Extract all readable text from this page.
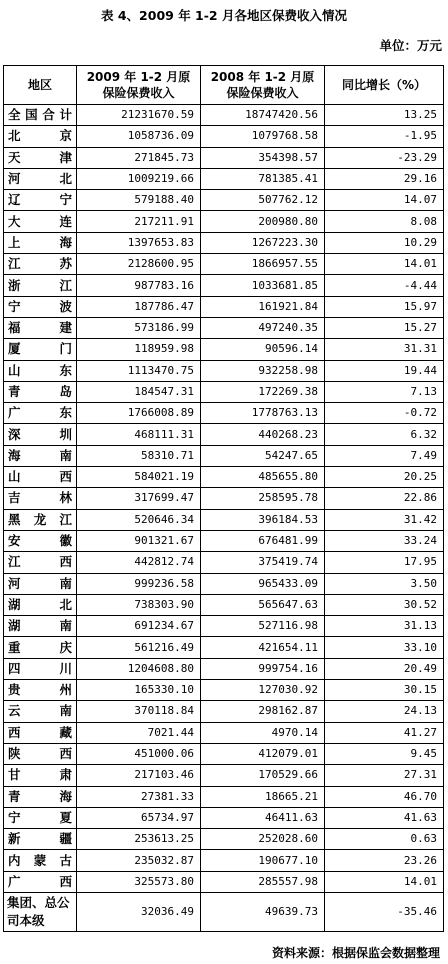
表 4、2009 年 1-2 月各地区保费收入情况
单位：万元
地区	2009 年 1-2 月原保险保费收入	2008 年 1-2 月原保险保费收入	同比增长（%）
全国合计	21231670.59	18747420.56	13.25
北京	1058736.09	1079768.58	-1.95
天津	271845.73	354398.57	-23.29
河北	1009219.66	781385.41	29.16
辽宁	579188.40	507762.12	14.07
大连	217211.91	200980.80	8.08
上海	1397653.83	1267223.30	10.29
江苏	2128600.95	1866957.55	14.01
浙江	987783.16	1033681.85	-4.44
宁波	187786.47	161921.84	15.97
福建	573186.99	497240.35	15.27
厦门	118959.98	90596.14	31.31
山东	1113470.75	932258.98	19.44
青岛	184547.31	172269.38	7.13
广东	1766008.89	1778763.13	-0.72
深圳	468111.31	440268.23	6.32
海南	58310.71	54247.65	7.49
山西	584021.19	485655.80	20.25
吉林	317699.47	258595.78	22.86
黑龙江	520646.34	396184.53	31.42
安徽	901321.67	676481.99	33.24
江西	442812.74	375419.74	17.95
河南	999236.58	965433.09	3.50
湖北	738303.90	565647.63	30.52
湖南	691234.67	527116.98	31.13
重庆	561216.49	421654.11	33.10
四川	1204608.80	999754.16	20.49
贵州	165330.10	127030.92	30.15
云南	370118.84	298162.87	24.13
西藏	7021.44	4970.14	41.27
陕西	451000.06	412079.01	9.45
甘肃	217103.46	170529.66	27.31
青海	27381.33	18665.21	46.70
宁夏	65734.97	46411.63	41.63
新疆	253613.25	252028.60	0.63
内蒙古	235032.87	190677.10	23.26
广西	325573.80	285557.98	14.01
集团、总公司本级	32036.49	49639.73	-35.46
资料来源：根据保监会数据整理
